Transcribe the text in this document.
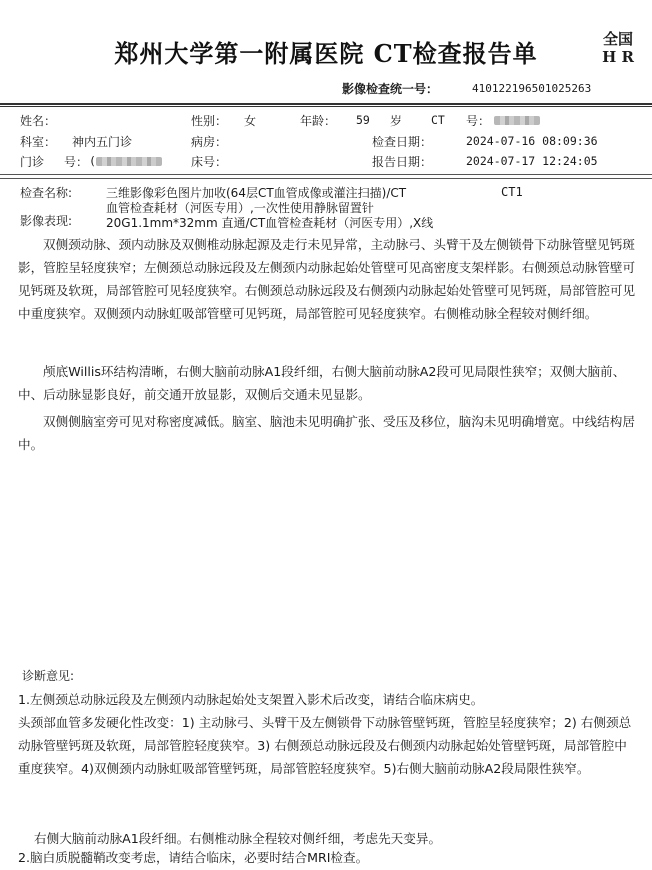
郑州大学第一附属医院 CT检查报告单	全国
H R
影像检查统一号：	410122196501025263
姓名：	性别： 女	年龄： 59 岁	CT 号：
科室： 神内五门诊	病房：	检查日期：	2024-07-16 08:09:36
门诊 号： (	床号：	报告日期：	2024-07-17 12:24:05
检查名称:	三维影像彩色图片加收(64层CT血管成像或灌注扫描)/CT	CT1
血管检查耗材（河医专用）,一次性使用静脉留置针
影像表现:	20G1.1mm*32mm 直通/CT血管检查耗材（河医专用）,X线
双侧颈动脉、颈内动脉及双侧椎动脉起源及走行未见异常，主动脉弓、头臂干及左侧锁骨下动脉管壁见钙斑影，管腔呈轻度狭窄；左侧颈总动脉远段及左侧颈内动脉起始处管壁可见高密度支架样影。右侧颈总动脉管壁可见钙斑及软斑，局部管腔可见轻度狭窄。右侧颈总动脉远段及右侧颈内动脉起始处管壁可见钙斑，局部管腔可见中重度狭窄。双侧颈内动脉虹吸部管壁可见钙斑，局部管腔可见轻度狭窄。右侧椎动脉全程较对侧纤细。
颅底Willis环结构清晰，右侧大脑前动脉A1段纤细，右侧大脑前动脉A2段可见局限性狭窄；双侧大脑前、中、后动脉显影良好，前交通开放显影，双侧后交通未见显影。
双侧侧脑室旁可见对称密度减低。脑室、脑池未见明确扩张、受压及移位，脑沟未见明确增宽。中线结构居中。
诊断意见:
1.左侧颈总动脉远段及左侧颈内动脉起始处支架置入影术后改变，请结合临床病史。
头颈部血管多发硬化性改变：1) 主动脉弓、头臂干及左侧锁骨下动脉管壁钙斑，管腔呈轻度狭窄；2) 右侧颈总动脉管壁钙斑及软斑，局部管腔轻度狭窄。3) 右侧颈总动脉远段及右侧颈内动脉起始处管壁钙斑，局部管腔中重度狭窄。4)双侧颈内动脉虹吸部管壁钙斑，局部管腔轻度狭窄。5)右侧大脑前动脉A2段局限性狭窄。
右侧大脑前动脉A1段纤细。右侧椎动脉全程较对侧纤细，考虑先天变异。
2.脑白质脱髓鞘改变考虑，请结合临床，必要时结合MRI检查。
